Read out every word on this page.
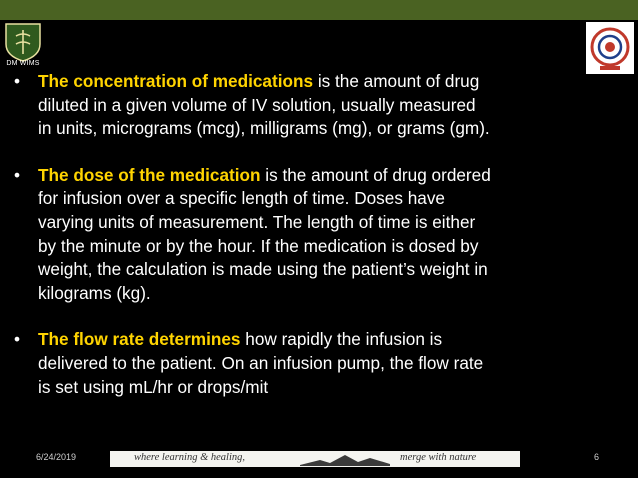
DM WIMS
• The concentration of medications is the amount of drug
diluted in a given volume of IV solution, usually measured
in units, micrograms (mcg), milligrams (mg), or grams (gm).
• The dose of the medication is the amount of drug ordered
for infusion over a specific length of time. Doses have
varying units of measurement. The length of time is either
by the minute or by the hour. If the medication is dosed by
weight, the calculation is made using the patient’s weight in
kilograms (kg).
• The flow rate determines how rapidly the infusion is
delivered to the patient. On an infusion pump, the flow rate
is set using mL/hr or drops/mit
6/24/2019	where learning & healing,	merge with nature	6
